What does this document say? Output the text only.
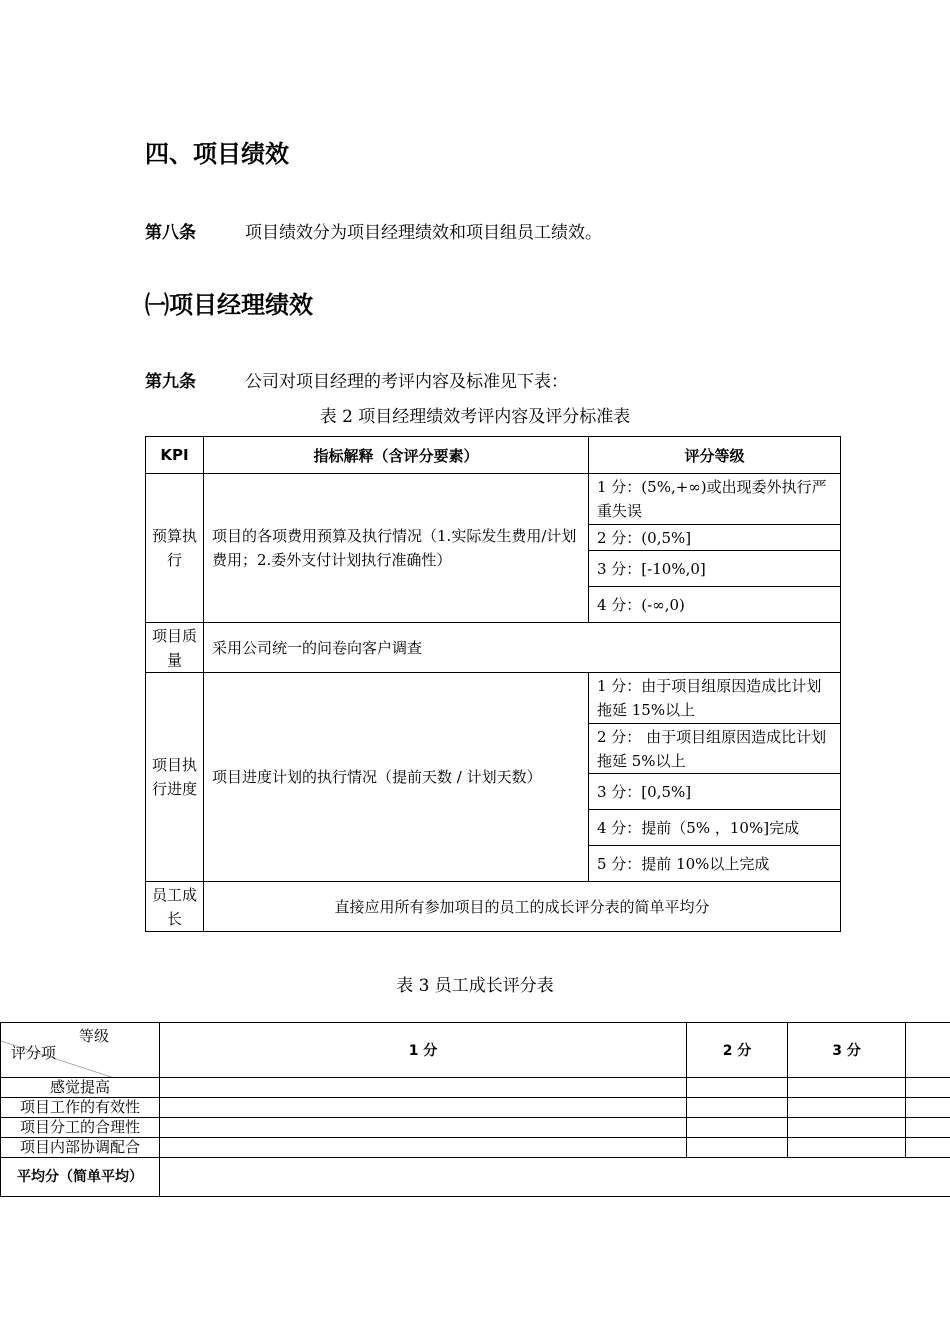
四、项目绩效
第八条	项目绩效分为项目经理绩效和项目组员工绩效。
㈠项目经理绩效
第九条	公司对项目经理的考评内容及标准见下表：
表 2 项目经理绩效考评内容及评分标准表
KPI	指标解释（含评分要素）	评分等级
预算执行	项目的各项费用预算及执行情况（1.实际发生费用/计划费用；2.委外支付计划执行准确性）	1 分：(5%,+∞)或出现委外执行严重失误
		2 分：(0,5%]
		3 分：[-10%,0]
		4 分：(-∞,0)
项目质量	采用公司统一的问卷向客户调查	
项目执行进度	项目进度计划的执行情况（提前天数 / 计划天数）	1 分：由于项目组原因造成比计划拖延 15%以上
		2 分： 由于项目组原因造成比计划拖延 5%以上
		3 分：[0,5%]
		4 分：提前（5% ，10%]完成
		5 分：提前 10%以上完成
员工成长	直接应用所有参加项目的员工的成长评分表的简单平均分	
表 3 员工成长评分表
等级
评分项	1 分	2 分	3 分	
感觉提高				
项目工作的有效性				
项目分工的合理性				
项目内部协调配合				
平均分（简单平均）				
